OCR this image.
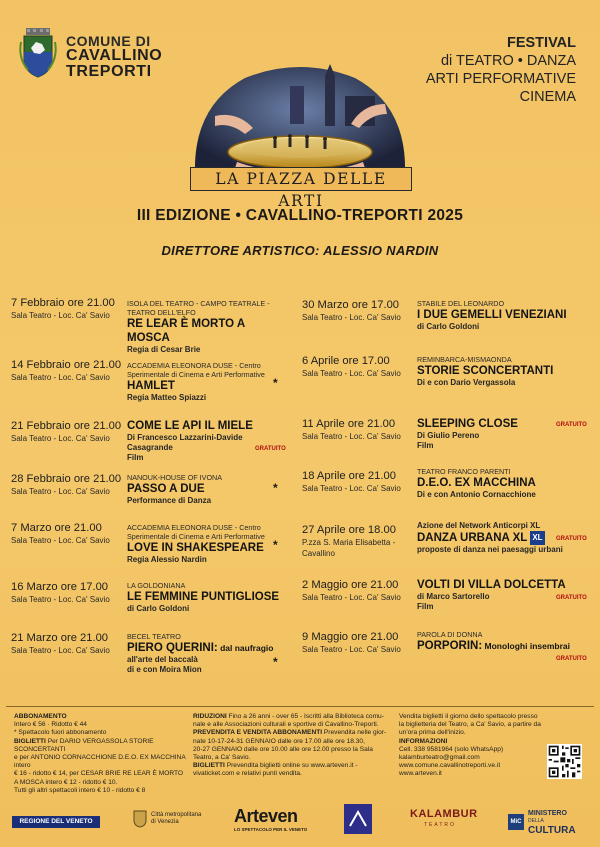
COMUNE DI
CAVALLINO
TREPORTI
FESTIVAL
di TEATRO • DANZA
ARTI PERFORMATIVE
CINEMA
LA PIAZZA DELLE ARTI
III EDIZIONE • CAVALLINO-TREPORTI 2025
DIRETTORE ARTISTICO: ALESSIO NARDIN
7 Febbraio ore 21.00
Sala Teatro - Loc. Ca' Savio
ISOLA DEL TEATRO - CAMPO TEATRALE -
TEATRO DELL'ELFO
RE LEAR È MORTO A MOSCA
Regia di Cesar Brie
14 Febbraio ore 21.00
Sala Teatro - Loc. Ca' Savio
ACCADEMIA ELEONORA DUSE - Centro
Sperimentale di Cinema e Arti Performative
HAMLET
Regia Matteo Spiazzi
*
21 Febbraio ore 21.00
Sala Teatro - Loc. Ca' Savio
COME LE API IL MIELE
Di Francesco Lazzarini-Davide Casagrande
Film
GRATUITO
28 Febbraio ore 21.00
Sala Teatro - Loc. Ca' Savio
NANOUK-HOUSE OF IVONA
PASSO A DUE
Performance di Danza
*
7 Marzo ore 21.00
Sala Teatro - Loc. Ca' Savio
ACCADEMIA ELEONORA DUSE - Centro
Sperimentale di Cinema e Arti Performative
LOVE IN SHAKESPEARE
Regia Alessio Nardin
*
16 Marzo ore 17.00
Sala Teatro - Loc. Ca' Savio
LA GOLDONIANA
LE FEMMINE PUNTIGLIOSE
di Carlo Goldoni
21 Marzo ore 21.00
Sala Teatro - Loc. Ca' Savio
BECEL TEATRO
PIERO QUERINI: dal naufragio
all'arte del baccalà
di e con Moira Mion
*
30 Marzo ore 17.00
Sala Teatro - Loc. Ca' Savio
STABILE DEL LEONARDO
I DUE GEMELLI VENEZIANI
di Carlo Goldoni
6 Aprile ore 17.00
Sala Teatro - Loc. Ca' Savio
REMINBARCA-MISMAONDA
STORIE SCONCERTANTI
Di e con Dario Vergassola
11 Aprile ore 21.00
Sala Teatro - Loc. Ca' Savio
SLEEPING CLOSE
Di Giulio Pereno
Film
GRATUITO
18 Aprile ore 21.00
Sala Teatro - Loc. Ca' Savio
TEATRO FRANCO PARENTI
D.E.O. EX MACCHINA
Di e con Antonio Cornacchione
27 Aprile ore 18.00
P.zza S. Maria Elisabetta -
Cavallino
Azione del Network Anticorpi XL
DANZA URBANA XL XL
proposte di danza nei paesaggi urbani
GRATUITO
2 Maggio ore 21.00
Sala Teatro - Loc. Ca' Savio
VOLTI DI VILLA DOLCETTA
di Marco Sartorello
Film
GRATUITO
9 Maggio ore 21.00
Sala Teatro - Loc. Ca' Savio
PAROLA DI DONNA
PORPORIN: Monologhi insembrai
GRATUITO
ABBONAMENTO
Intero € 56 · Ridotto € 44
* Spettacolo fuori abbonamento
BIGLIETTI Per DARIO VERGASSOLA STORIE SCONCERTANTI
e per ANTONIO CORNACCHIONE D.E.O. EX MACCHINA intero
€ 16 - ridotto € 14, per CESAR BRIE RE LEAR È MORTO
A MOSCA intero € 12 - ridotto € 10.
Tutti gli altri spettacoli intero € 10 - ridotto € 8
RIDUZIONI Fino a 26 anni - over 65 - Iscritti alla Biblioteca comu-
nale e alle Associazioni culturali e sportive di Cavallino-Treporti.
PREVENDITA E VENDITA ABBONAMENTI Prevendita nelle gior-
nate 10-17-24-31 GENNAIO dalle ore 17.00 alle ore 18.30,
20-27 GENNAIO dalle ore 10.00 alle ore 12.00 presso la Sala
Teatro, a Ca' Savio.
BIGLIETTI Prevendita biglietti online su www.arteven.it -
vivaticket.com e relativi punti vendita.
Vendita biglietti il giorno dello spettacolo presso
la biglietteria del Teatro, a Ca' Savio, a partire da
un'ora prima dell'inizio.
INFORMAZIONI
Cell. 338 9581964 (solo WhatsApp)
kalamburteatro@gmail.com
www.comune.cavallinotreporti.ve.it
www.arteven.it
REGIONE DEL VENETO
Città metropolitana
di Venezia	Arteven
LO SPETTACOLO PER IL VENETO
KALAMBUR
TEATRO	MiC
MINISTERO
DELLA
CULTURA
